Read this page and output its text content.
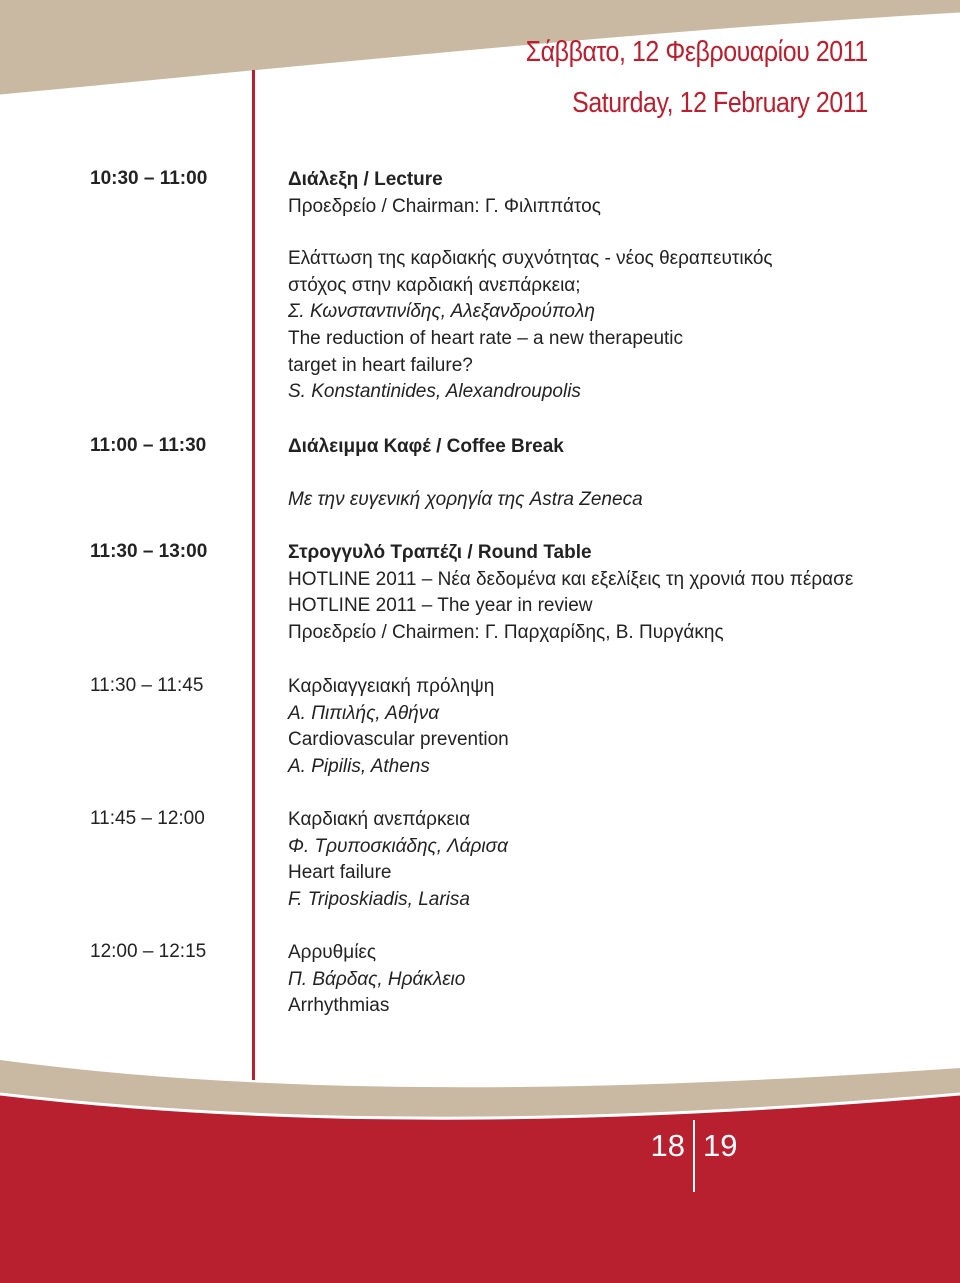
Σάββατο, 12 Φεβρουαρίου 2011
Saturday, 12 February 2011
10:30 – 11:00	Διάλεξη / Lecture
Προεδρείο / Chairman: Γ. Φιλιππάτος
Ελάττωση της καρδιακής συχνότητας - νέος θεραπευτικός
στόχος στην καρδιακή ανεπάρκεια;
Σ. Κωνσταντινίδης, Αλεξανδρούπολη
The reduction of heart rate – a new therapeutic
target in heart failure?
S. Konstantinides, Alexandroupolis
11:00 – 11:30	Διάλειμμα Καφέ / Coffee Break
Με την ευγενική χορηγία της Astra Zeneca
11:30 – 13:00	Στρογγυλό Τραπέζι / Round Table
HOTLINE 2011 – Νέα δεδομένα και εξελίξεις τη χρονιά που πέρασε
HOTLINE 2011 – The year in review
Προεδρείο / Chairmen: Γ. Παρχαρίδης, Β. Πυργάκης
11:30 – 11:45	Καρδιαγγειακή πρόληψη
Α. Πιπιλής, Αθήνα
Cardiovascular prevention
A. Pipilis, Athens
11:45 – 12:00	Καρδιακή ανεπάρκεια
Φ. Τρυποσκιάδης, Λάρισα
Heart failure
F. Triposkiadis, Larisa
12:00 – 12:15	Αρρυθμίες
Π. Βάρδας, Ηράκλειο
Arrhythmias
18 19
